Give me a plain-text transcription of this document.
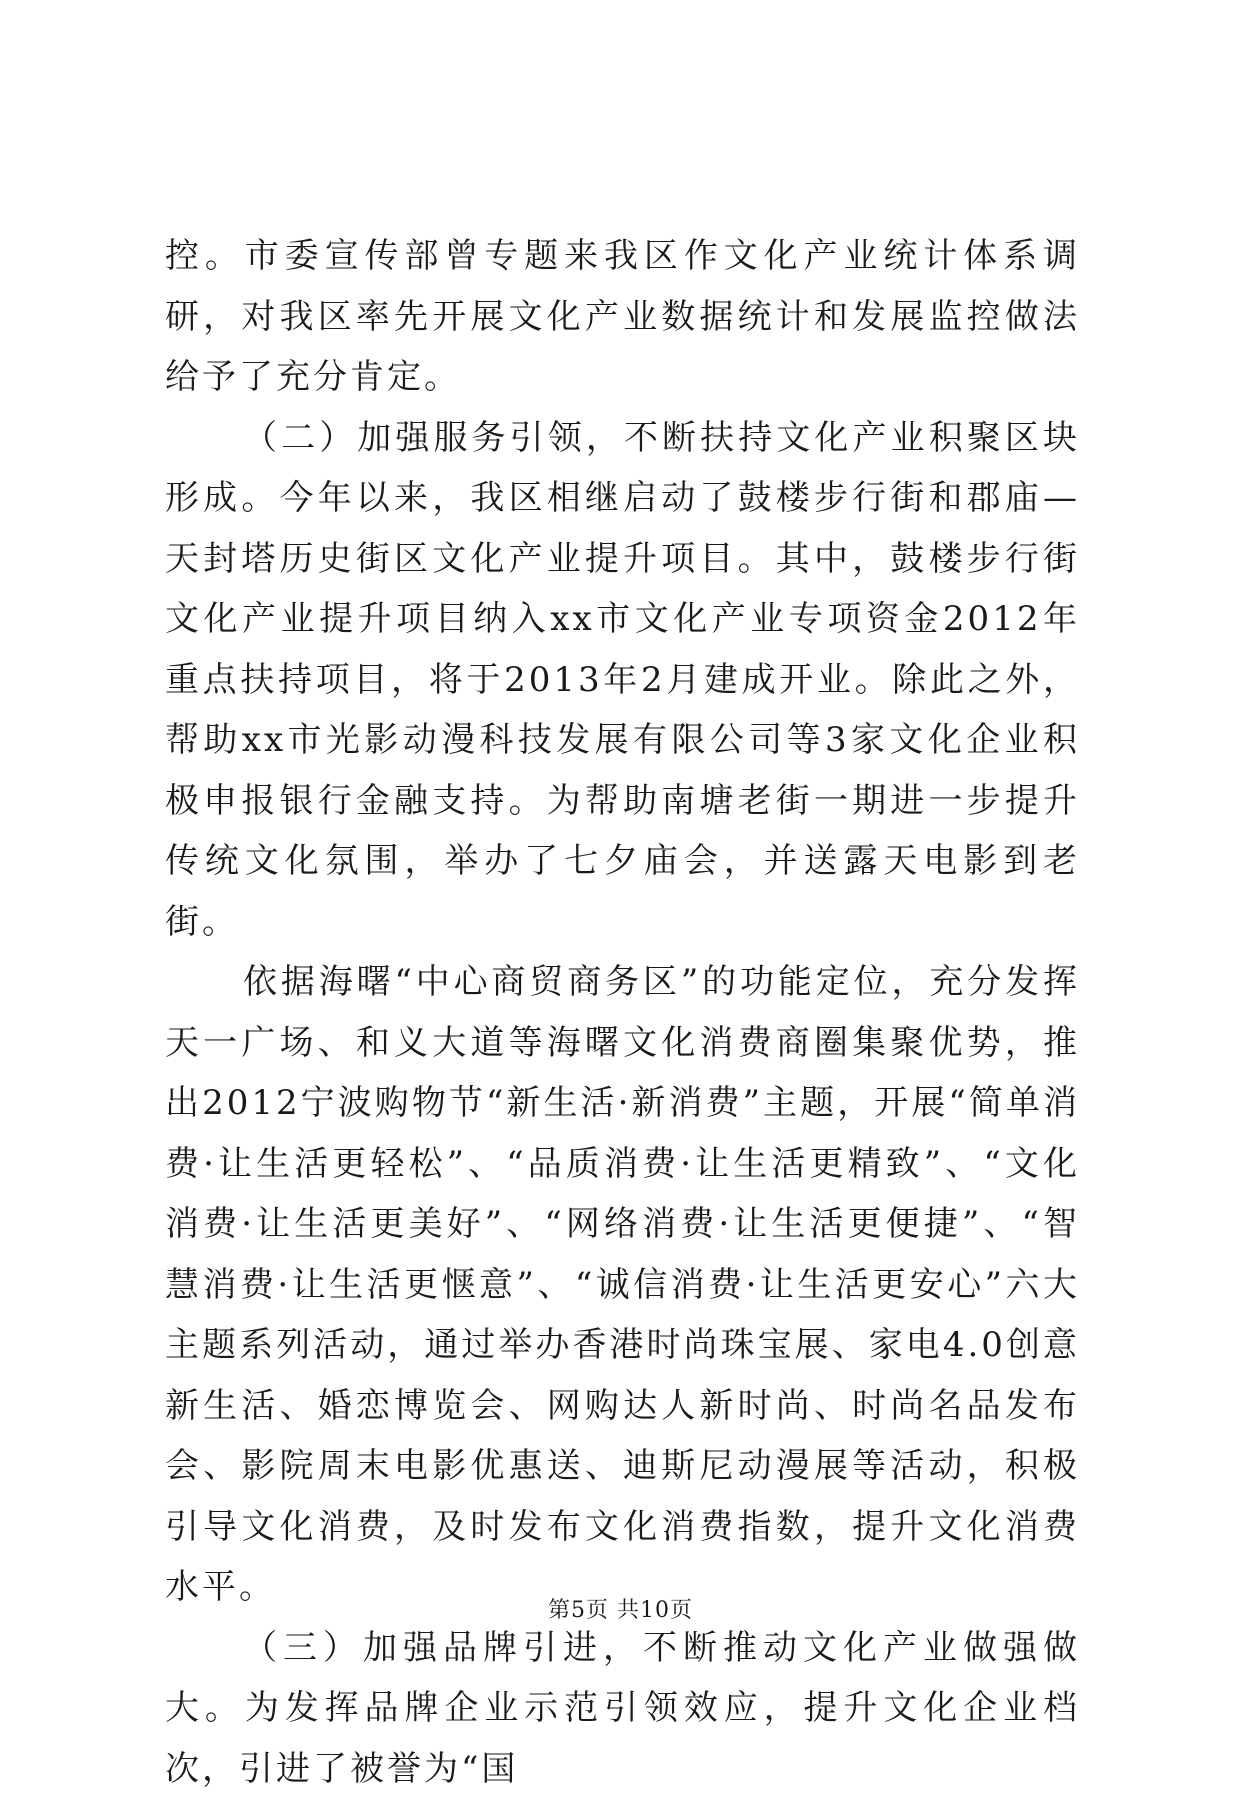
控。市委宣传部曾专题来我区作文化产业统计体系调研，对我区率先开展文化产业数据统计和发展监控做法给予了充分肯定。

（二）加强服务引领，不断扶持文化产业积聚区块形成。今年以来，我区相继启动了鼓楼步行街和郡庙—天封塔历史街区文化产业提升项目。其中，鼓楼步行街文化产业提升项目纳入xx市文化产业专项资金2012年重点扶持项目，将于2013年2月建成开业。除此之外，帮助xx市光影动漫科技发展有限公司等3家文化企业积极申报银行金融支持。为帮助南塘老街一期进一步提升传统文化氛围，举办了七夕庙会，并送露天电影到老街。

依据海曙“中心商贸商务区”的功能定位，充分发挥天一广场、和义大道等海曙文化消费商圈集聚优势，推出2012宁波购物节“新生活·新消费”主题，开展“简单消费·让生活更轻松”、“品质消费·让生活更精致”、“文化消费·让生活更美好”、“网络消费·让生活更便捷”、“智慧消费·让生活更惬意”、“诚信消费·让生活更安心”六大主题系列活动，通过举办香港时尚珠宝展、家电4.0创意新生活、婚恋博览会、网购达人新时尚、时尚名品发布会、影院周末电影优惠送、迪斯尼动漫展等活动，积极引导文化消费，及时发布文化消费指数，提升文化消费水平。

（三）加强品牌引进，不断推动文化产业做强做大。为发挥品牌企业示范引领效应，提升文化企业档次，引进了被誉为“国

第5页 共10页
